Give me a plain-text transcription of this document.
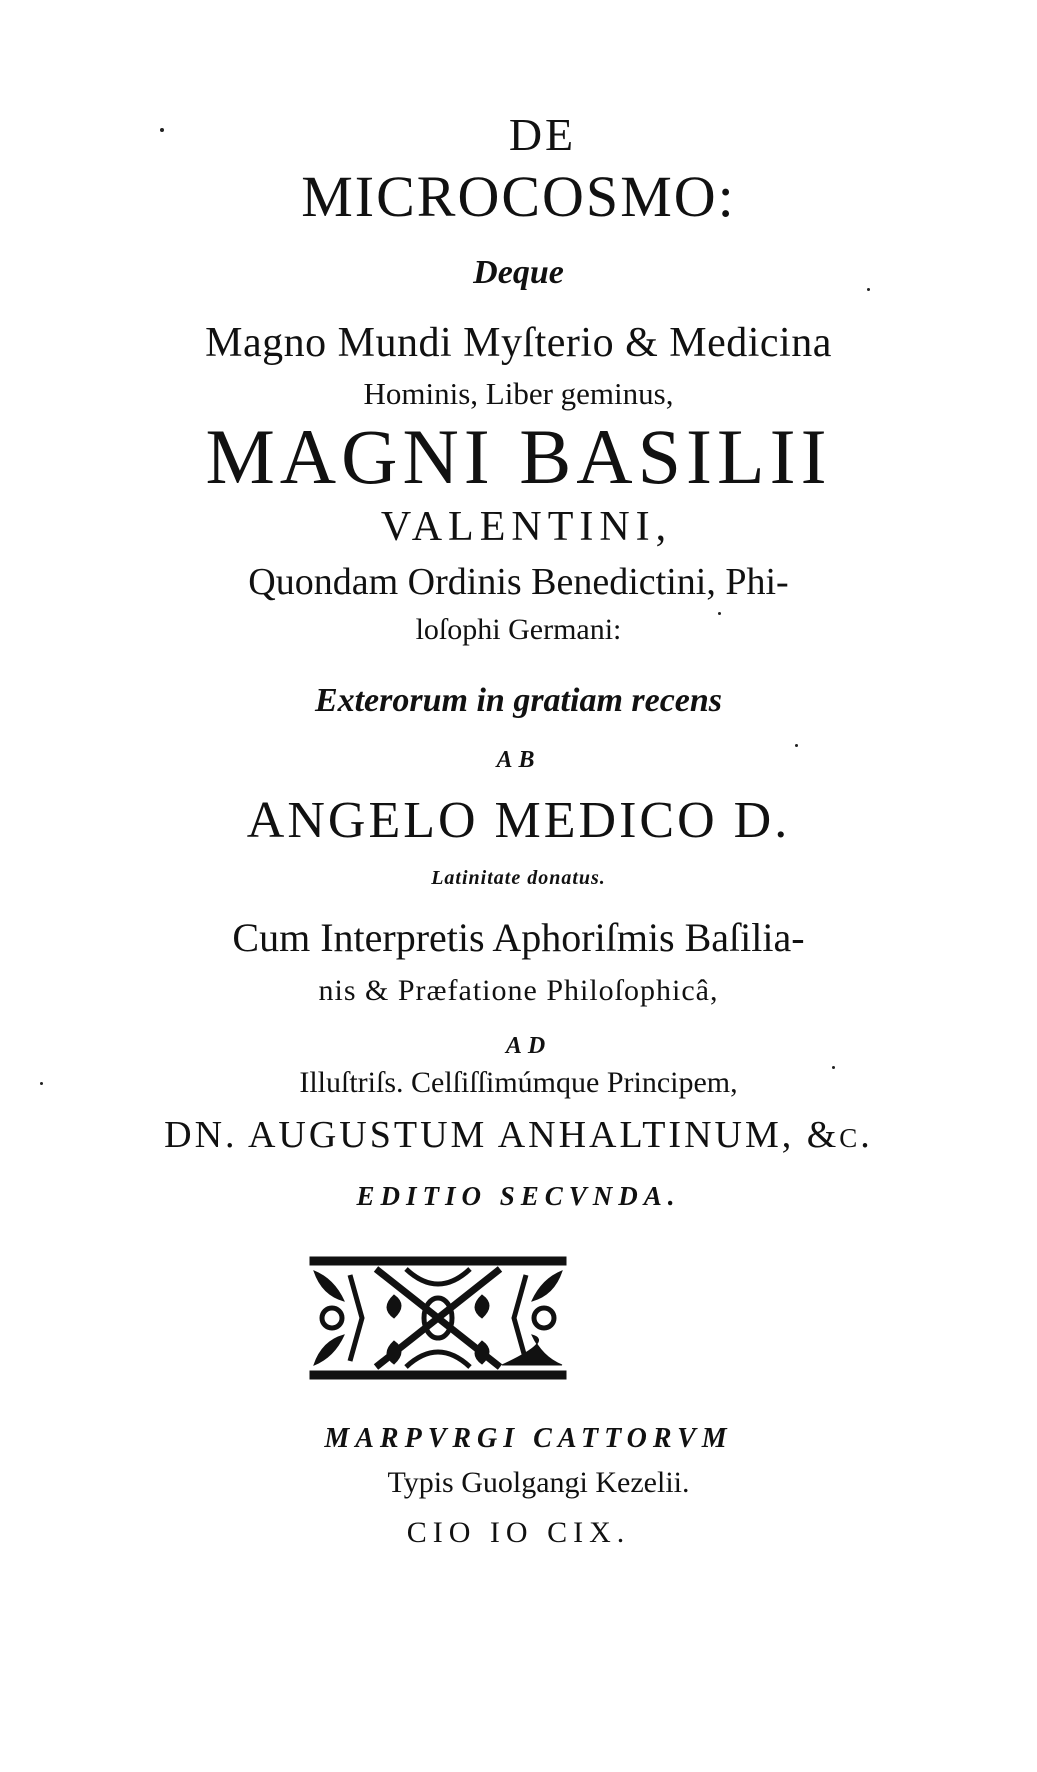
DE
MICROCOSMO:
Deque
Magno Mundi Myſterio & Medicina
Hominis, Liber geminus,
MAGNI BASILII
VALENTINI,
Quondam Ordinis Benedictini, Phi-
loſophi Germani:
Exterorum in gratiam recens
AB
ANGELO MEDICO D.
Latinitate donatus.
Cum Interpretis Aphoriſmis Baſilia-
nis & Præfatione Philoſophicâ,
AD
Illuſtriſs. Celſiſſimúmque Principem,
DN. AUGUSTUM ANHALTINUM, &c.
EDITIO SECVNDA.
MARPVRGI CATTORVM
Typis Guolgangi Kezelii.
CIO IO CIX.
